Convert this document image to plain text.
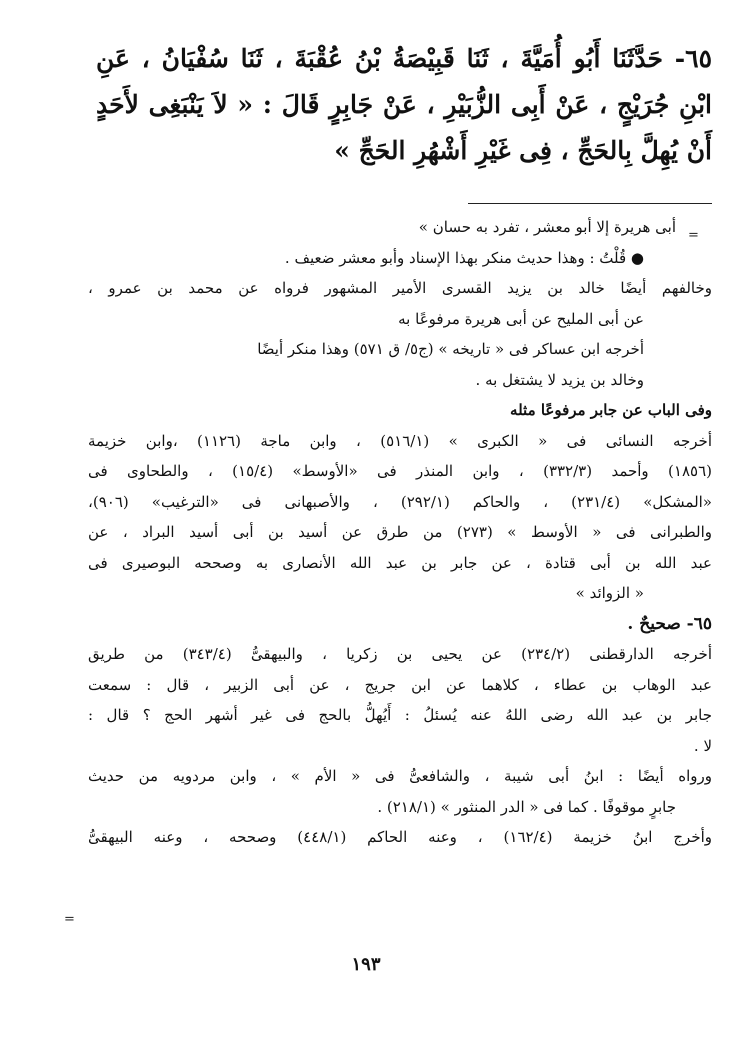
٦٥- حَدَّثَنَا أَبُو أُمَيَّةَ ، ثَنَا قَبِيْصَةُ بْنُ عُقْبَةَ ، ثَنَا سُفْيَانُ ، عَنِ ابْنِ جُرَيْجٍ ، عَنْ أَبِى الزُّبَيْرِ ، عَنْ جَابِرٍ قَالَ : « لاَ يَنْبَغِى لأَحَدٍ أَنْ يُهِلَّ بِالحَجِّ ، فِى غَيْرِ أَشْهُرِ الحَجِّ »
=
=
أبى هريرة إلا أبو معشر ، تفرد به حسان »
● قُلْتُ : وهذا حديث منكر بهذا الإسناد وأبو معشر ضعيف .
وخالفهم أيضًا خالد بن يزيد القسرى الأمير المشهور فرواه عن محمد بن عمرو ،
عن أبى المليح عن أبى هريرة مرفوعًا به
أخرجه ابن عساكر فى « تاريخه » (ج٥/ ق ٥٧١) وهذا منكر أيضًا
وخالد بن يزيد لا يشتغل به .
وفى الباب عن جابر مرفوعًا مثله
أخرجه النسائى فى « الكبرى » (٥١٦/١) ، وابن ماجة (١١٢٦) ،وابن خزيمة
(١٨٥٦) وأحمد (٣٣٢/٣) ، وابن المنذر فى «الأوسط» (١٥/٤) ، والطحاوى فى
«المشكل» (٢٣١/٤) ، والحاكم (٢٩٢/١) ، والأصبهانى فى «الترغيب» (٩٠٦)،
والطبرانى فى « الأوسط » (٢٧٣) من طرق عن أسيد بن أبى أسيد البراد ، عن
عبد الله بن أبى قتادة ، عن جابر بن عبد الله الأنصارى به وصححه البوصيرى فى
« الزوائد »
٦٥- صحيحٌ .
أخرجه الدارقطنى (٢٣٤/٢) عن يحيى بن زكريا ، والبيهقىُّ (٣٤٣/٤) من طريق
عبد الوهاب بن عطاء ، كلاهما عن ابن جريج ، عن أبى الزبير ، قال : سمعت
جابر بن عبد الله رضى اللهُ عنه يُسئلُ : أَيُهلُّ بالحج فى غير أشهر الحج ؟ قال :
لا .
ورواه أيضًا : ابنُ أبى شيبة ، والشافعىُّ فى « الأم » ، وابن مردويه من حديث
جابرٍ موقوفًا . كما فى « الدر المنثور » (٢١٨/١) .
وأخرج ابنُ خزيمة (١٦٢/٤) ، وعنه الحاكم (٤٤٨/١) وصححه ، وعنه البيهقىُّ
١٩٣
